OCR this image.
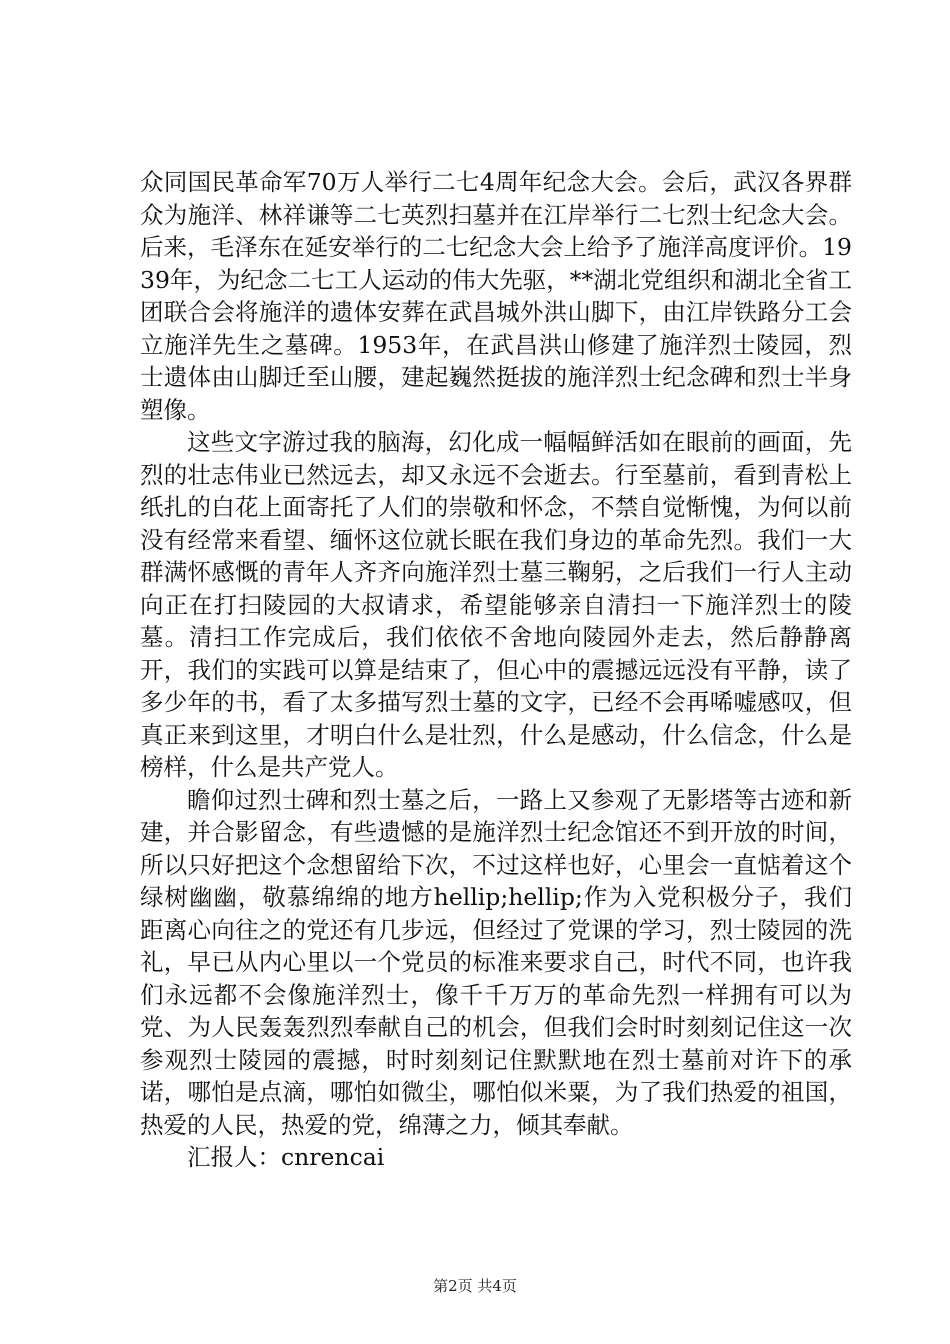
众同国民革命军70万人举行二七4周年纪念大会。会后，武汉各界群众为施洋、林祥谦等二七英烈扫墓并在江岸举行二七烈士纪念大会。后来，毛泽东在延安举行的二七纪念大会上给予了施洋高度评价。1939年，为纪念二七工人运动的伟大先驱，**湖北党组织和湖北全省工团联合会将施洋的遗体安葬在武昌城外洪山脚下，由江岸铁路分工会立施洋先生之墓碑。1953年，在武昌洪山修建了施洋烈士陵园，烈士遗体由山脚迁至山腰，建起巍然挺拔的施洋烈士纪念碑和烈士半身塑像。

这些文字游过我的脑海，幻化成一幅幅鲜活如在眼前的画面，先烈的壮志伟业已然远去，却又永远不会逝去。行至墓前，看到青松上纸扎的白花上面寄托了人们的崇敬和怀念，不禁自觉惭愧，为何以前没有经常来看望、缅怀这位就长眠在我们身边的革命先烈。我们一大群满怀感慨的青年人齐齐向施洋烈士墓三鞠躬，之后我们一行人主动向正在打扫陵园的大叔请求，希望能够亲自清扫一下施洋烈士的陵墓。清扫工作完成后，我们依依不舍地向陵园外走去，然后静静离开，我们的实践可以算是结束了，但心中的震撼远远没有平静，读了多少年的书，看了太多描写烈士墓的文字，已经不会再唏嘘感叹，但真正来到这里，才明白什么是壮烈，什么是感动，什么信念，什么是榜样，什么是共产党人。

瞻仰过烈士碑和烈士墓之后，一路上又参观了无影塔等古迹和新建，并合影留念，有些遗憾的是施洋烈士纪念馆还不到开放的时间，所以只好把这个念想留给下次，不过这样也好，心里会一直惦着这个绿树幽幽，敬慕绵绵的地方hellip;hellip;作为入党积极分子，我们距离心向往之的党还有几步远，但经过了党课的学习，烈士陵园的洗礼，早已从内心里以一个党员的标准来要求自己，时代不同，也许我们永远都不会像施洋烈士，像千千万万的革命先烈一样拥有可以为党、为人民轰轰烈烈奉献自己的机会，但我们会时时刻刻记住这一次参观烈士陵园的震撼，时时刻刻记住默默地在烈士墓前对许下的承诺，哪怕是点滴，哪怕如微尘，哪怕似米粟，为了我们热爱的祖国，热爱的人民，热爱的党，绵薄之力，倾其奉献。

汇报人：cnrencai

第2页 共4页
